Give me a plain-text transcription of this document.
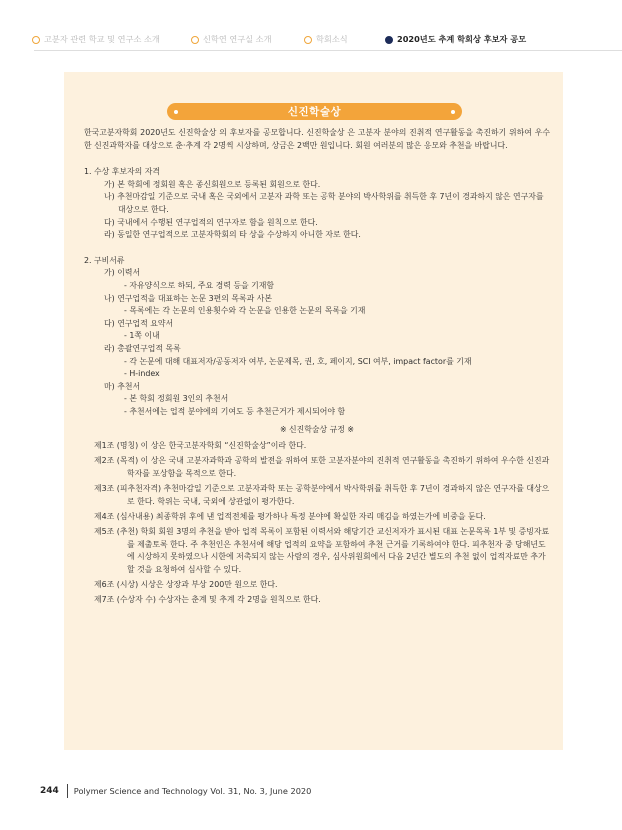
고분자 관련 학교 및 연구소 소개	신학연 연구실 소개	학회소식	2020년도 추계 학회상 후보자 공모
신진학술상

한국고분자학회 2020년도 신진학술상 의 후보자를 공모합니다. 신진학술상 은 고분자 분야의 진취적 연구활동을 촉진하기 위하여 우수한 신진과학자를 대상으로 춘·추계 각 2명씩 시상하며, 상금은 2백만 원입니다. 회원 여러분의 많은 응모와 추천을 바랍니다.

1. 수상 후보자의 자격
가) 본 학회에 정회원 혹은 종신회원으로 등록된 회원으로 한다.
나) 추천마감일 기준으로 국내 혹은 국외에서 고분자 과학 또는 공학 분야의 박사학위를 취득한 후 7년이 경과하지 않은 연구자를 대상으로 한다.
다) 국내에서 수행된 연구업적의 연구자로 함을 원칙으로 한다.
라) 동일한 연구업적으로 고분자학회의 타 상을 수상하지 아니한 자로 한다.
2. 구비서류
가) 이력서
- 자유양식으로 하되, 주요 경력 등을 기재함
나) 연구업적을 대표하는 논문 3편의 목록과 사본
- 목록에는 각 논문의 인용횟수와 각 논문을 인용한 논문의 목록을 기재
다) 연구업적 요약서
- 1쪽 이내
라) 총괄연구업적 목록
- 각 논문에 대해 대표저자/공동저자 여부, 논문제목, 권, 호, 페이지, SCI 여부, impact factor를 기재
- H-index
마) 추천서
- 본 학회 정회원 3인의 추천서
- 추천서에는 업적 분야에의 기여도 등 추천근거가 제시되어야 함
※ 신진학술상 규정 ※
제1조 (명칭) 이 상은 한국고분자학회 “신진학술상”이라 한다.
제2조 (목적) 이 상은 국내 고분자과학과 공학의 발전을 위하여 또한 고분자분야의 진취적 연구활동을 촉진하기 위하여 우수한 신진과학자를 포상함을 목적으로 한다.
제3조 (피추천자격) 추천마감일 기준으로 고분자과학 또는 공학분야에서 박사학위를 취득한 후 7년이 경과하지 않은 연구자를 대상으로 한다. 학위는 국내, 국외에 상관없이 평가한다.
제4조 (심사내용) 최종학위 후에 낸 업적전체를 평가하나 특정 분야에 확실한 자리 매김을 하였는가에 비중을 둔다.
제5조 (추천) 학회 회원 3명의 추천을 받아 업적 목록이 포함된 이력서와 해당기간 교신저자가 표시된 대표 논문목록 1부 및 증빙자료를 제출토록 한다. 주 추천인은 추천서에 해당 업적의 요약을 포함하여 추천 근거를 기록하여야 한다. 피추천자 중 당해년도에 시상하지 못하였으나 시한에 저촉되지 않는 사람의 경우, 심사위원회에서 다음 2년간 별도의 추천 없이 업적자료만 추가할 것을 요청하여 심사할 수 있다.
제6조 (시상) 시상은 상장과 부상 200만 원으로 한다.
제7조 (수상자 수) 수상자는 춘계 및 추계 각 2명을 원칙으로 한다.
244 Polymer Science and Technology Vol. 31, No. 3, June 2020
